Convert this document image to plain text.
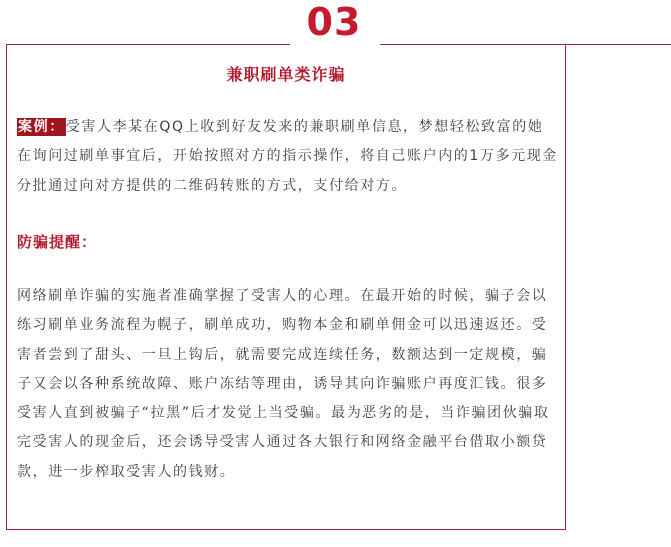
03
兼职刷单类诈骗

案例：受害人李某在QQ上收到好友发来的兼职刷单信息，梦想轻松致富的她在询问过刷单事宜后，开始按照对方的指示操作，将自己账户内的1万多元现金分批通过向对方提供的二维码转账的方式，支付给对方。

防骗提醒：

网络刷单诈骗的实施者准确掌握了受害人的心理。在最开始的时候，骗子会以练习刷单业务流程为幌子，刷单成功，购物本金和刷单佣金可以迅速返还。受害者尝到了甜头、一旦上钩后，就需要完成连续任务，数额达到一定规模，骗子又会以各种系统故障、账户冻结等理由，诱导其向诈骗账户再度汇钱。很多受害人直到被骗子“拉黑”后才发觉上当受骗。最为恶劣的是，当诈骗团伙骗取完受害人的现金后，还会诱导受害人通过各大银行和网络金融平台借取小额贷款，进一步榨取受害人的钱财。
